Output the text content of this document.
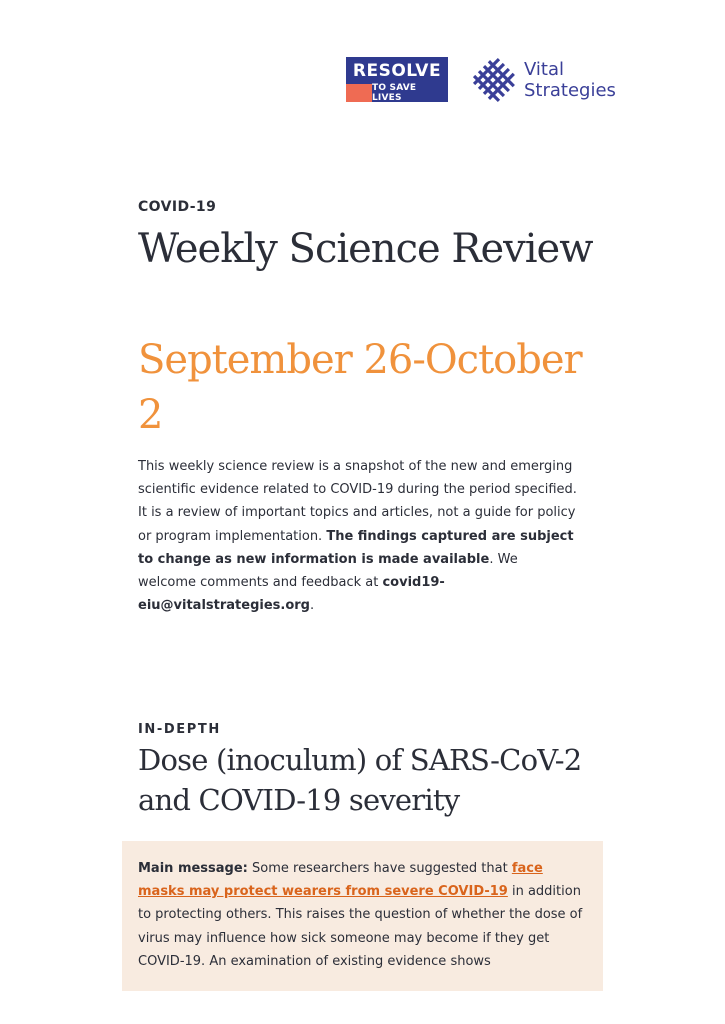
RESOLVE
TO SAVE LIVES
Vital
Strategies
COVID-19
Weekly Science Review
September 26-October 2

This weekly science review is a snapshot of the new and emerging scientific evidence related to COVID-19 during the period specified. It is a review of important topics and articles, not a guide for policy or program implementation. The findings captured are subject to change as new information is made available. We welcome comments and feedback at covid19-eiu@vitalstrategies.org.

IN-DEPTH
Dose (inoculum) of SARS-CoV-2 and COVID-19 severity
Main message: Some researchers have suggested that face masks may protect wearers from severe COVID-19 in addition to protecting others. This raises the question of whether the dose of virus may influence how sick someone may become if they get COVID-19. An examination of existing evidence shows
